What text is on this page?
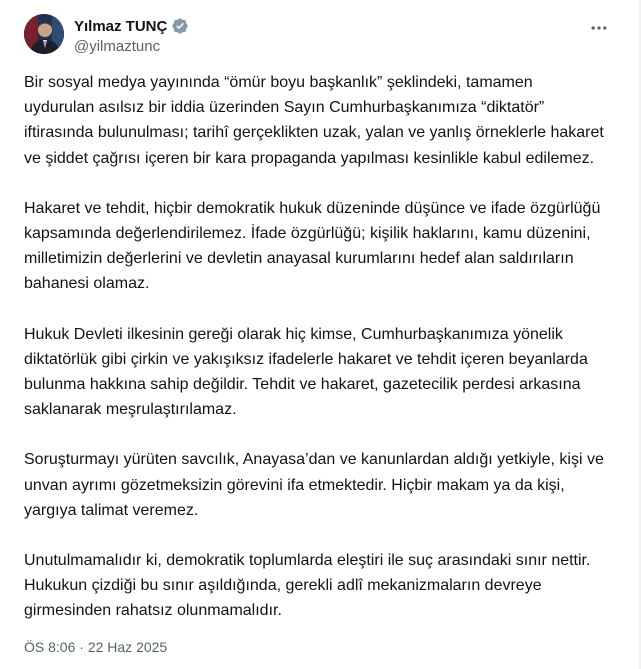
Yılmaz TUNÇ
@yilmaztunc

Bir sosyal medya yayınında “ömür boyu başkanlık” şeklindeki, tamamen uydurulan asılsız bir iddia üzerinden Sayın Cumhurbaşkanımıza “diktatör” iftirasında bulunulması; tarihî gerçeklikten uzak, yalan ve yanlış örneklerle hakaret ve şiddet çağrısı içeren bir kara propaganda yapılması kesinlikle kabul edilemez.

Hakaret ve tehdit, hiçbir demokratik hukuk düzeninde düşünce ve ifade özgürlüğü kapsamında değerlendirilemez. İfade özgürlüğü; kişilik haklarını, kamu düzenini, milletimizin değerlerini ve devletin anayasal kurumlarını hedef alan saldırıların bahanesi olamaz.

Hukuk Devleti ilkesinin gereği olarak hiç kimse, Cumhurbaşkanımıza yönelik diktatörlük gibi çirkin ve yakışıksız ifadelerle hakaret ve tehdit içeren beyanlarda bulunma hakkına sahip değildir. Tehdit ve hakaret, gazetecilik perdesi arkasına saklanarak meşrulaştırılamaz.

Soruşturmayı yürüten savcılık, Anayasa’dan ve kanunlardan aldığı yetkiyle, kişi ve unvan ayrımı gözetmeksizin görevini ifa etmektedir. Hiçbir makam ya da kişi, yargıya talimat veremez.

Unutulmamalıdır ki, demokratik toplumlarda eleştiri ile suç arasındaki sınır nettir. Hukukun çizdiği bu sınır aşıldığında, gerekli adlî mekanizmaların devreye girmesinden rahatsız olunmamalıdır.

ÖS 8:06 · 22 Haz 2025
